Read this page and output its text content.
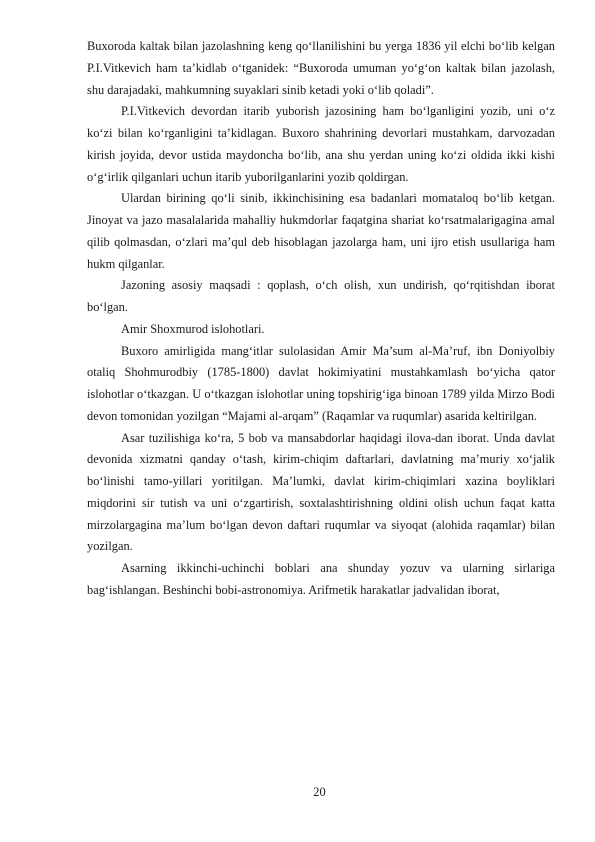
Buxoroda kaltak bilan jazolashning keng qo‘llanilishini bu yerga 1836 yil elchi bo‘lib kelgan P.I.Vitkevich ham ta’kidlab o‘tganidek: “Buxoroda umuman yo‘g‘on kaltak bilan jazolash, shu darajadaki, mahkumning suyaklari sinib ketadi yoki o‘lib qoladi”.

P.I.Vitkevich devordan itarib yuborish jazosining ham bo‘lganligini yozib, uni o‘z ko‘zi bilan ko‘rganligini ta’kidlagan. Buxoro shahrining devorlari mustahkam, darvozadan kirish joyida, devor ustida maydoncha bo‘lib, ana shu yerdan uning ko‘zi oldida ikki kishi o‘g‘irlik qilganlari uchun itarib yuborilganlarini yozib qoldirgan.

Ulardan birining qo‘li sinib, ikkinchisining esa badanlari momataloq bo‘lib ketgan. Jinoyat va jazo masalalarida mahalliy hukmdorlar faqatgina shariat ko‘rsatmalarigagina amal qilib qolmasdan, o‘zlari ma’qul deb hisoblagan jazolarga ham, uni ijro etish usullariga ham hukm qilganlar.

Jazoning asosiy maqsadi : qoplash, o‘ch olish, xun undirish, qo‘rqitishdan iborat bo‘lgan.

Amir Shoxmurod islohotlari.

Buxoro amirligida mang‘itlar sulolasidan Amir Ma’sum al-Ma’ruf, ibn Doniyolbiy otaliq Shohmurodbiy (1785-1800) davlat hokimiyatini mustahkamlash bo‘yicha qator islohotlar o‘tkazgan. U o‘tkazgan islohotlar uning topshirig‘iga binoan 1789 yilda Mirzo Bodi devon tomonidan yozilgan “Majami al-arqam” (Raqamlar va ruqumlar) asarida keltirilgan.

Asar tuzilishiga ko‘ra, 5 bob va mansabdorlar haqidagi ilova-dan iborat. Unda davlat devonida xizmatni qanday o‘tash, kirim-chiqim daftarlari, davlatning ma’muriy xo‘jalik bo‘linishi tamo-yillari yoritilgan. Ma’lumki, davlat kirim-chiqimlari xazina boyliklari miqdorini sir tutish va uni o‘zgartirish, soxtalashtirishning oldini olish uchun faqat katta mirzolargagina ma’lum bo‘lgan devon daftari ruqumlar va siyoqat (alohida raqamlar) bilan yozilgan.

Asarning ikkinchi-uchinchi boblari ana shunday yozuv va ularning sirlariga bag‘ishlangan. Beshinchi bobi-astronomiya. Arifmetik harakatlar jadvalidan iborat,

20
